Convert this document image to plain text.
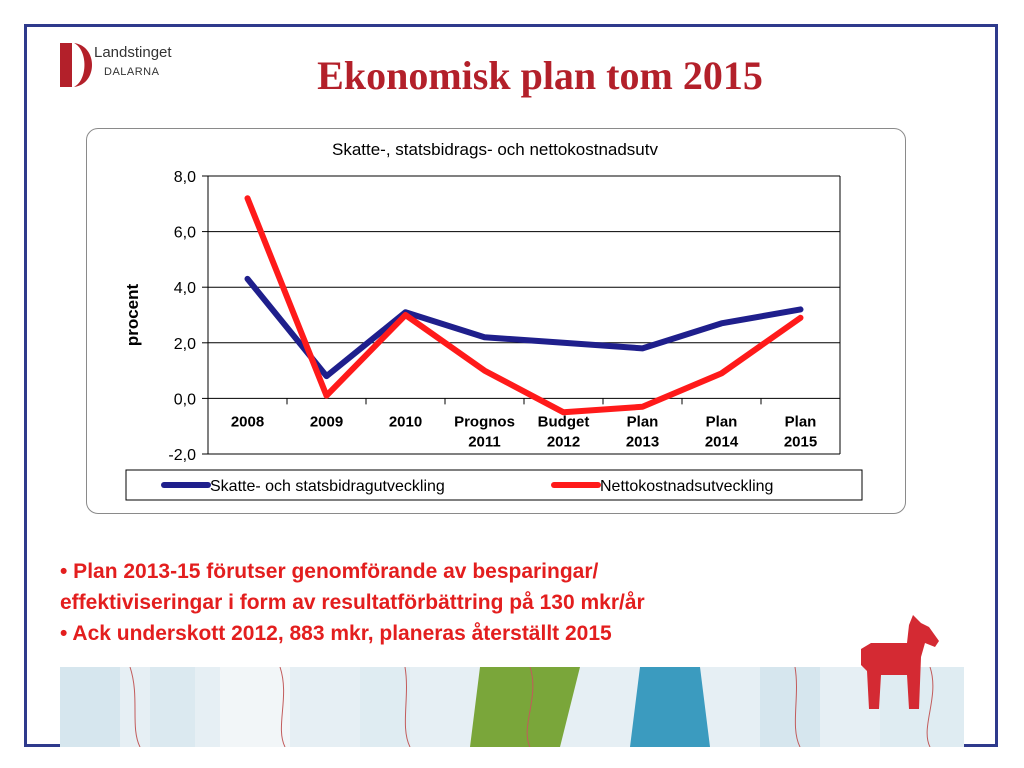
Landstinget
DALARNA	Ekonomisk plan tom 2015
Skatte-, statsbidrags- och nettokostnadsutv
8,0
6,0
4,0
2,0
0,0
-2,0
2008	2009	2010 Prognos
2011
Budget
2012
Plan
2013
Plan
2014
Plan
2015
procent
Skatte- och statsbidragutveckling	Nettokostnadsutveckling
• Plan 2013-15 förutser genomförande av besparingar/
effektiviseringar i form av resultatförbättring på 130 mkr/år
• Ack underskott 2012, 883 mkr, planeras återställt 2015
